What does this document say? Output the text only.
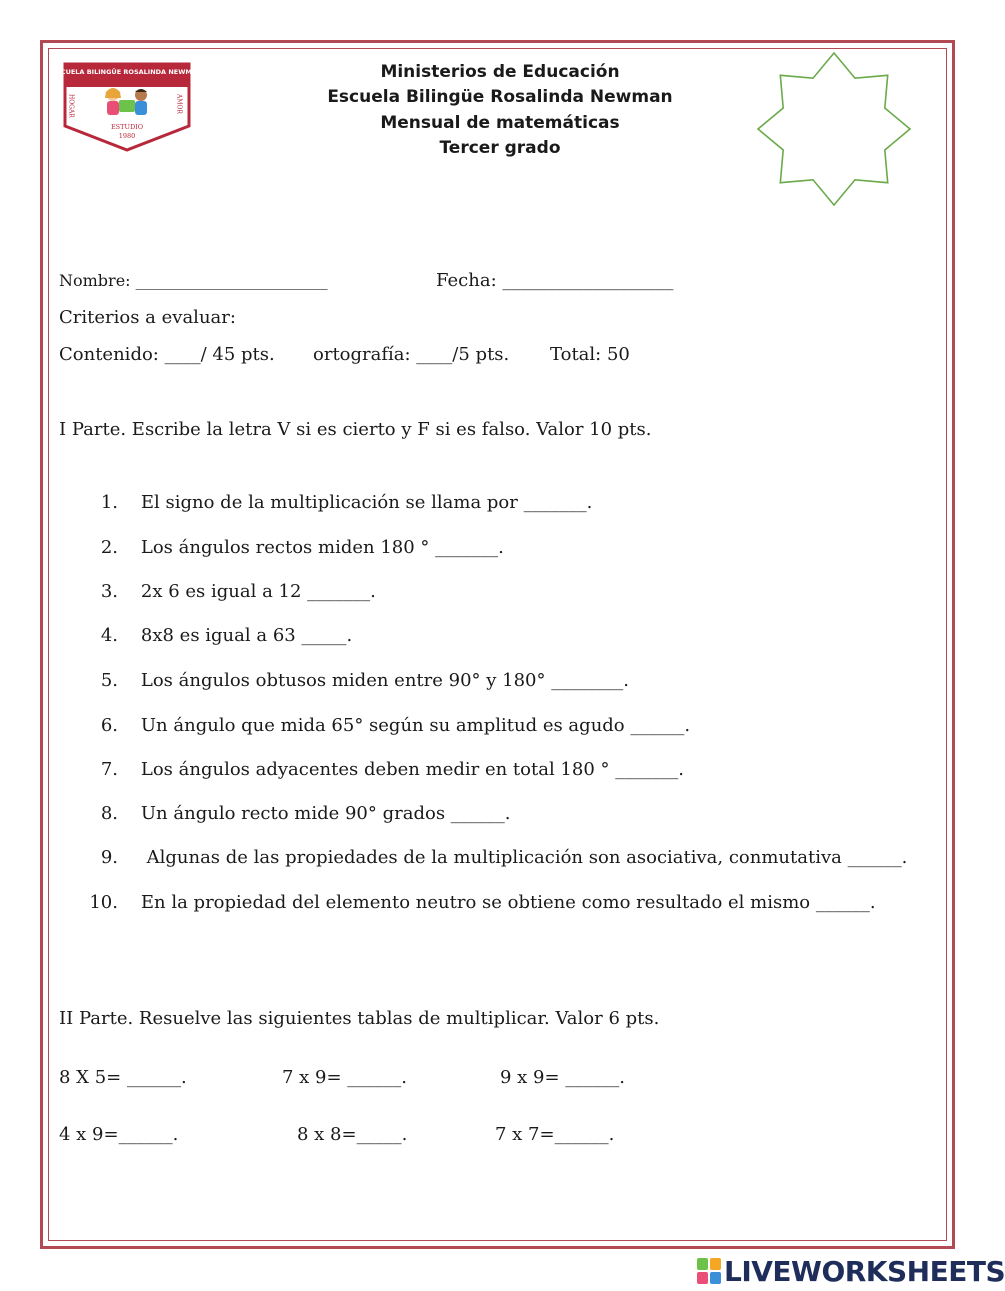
ESCUELA BILINGÜE ROSALINDA NEWMAN
HOGAR	AMOR
ESTUDIO
1980
Ministerios de Educación
Escuela Bilingüe Rosalinda Newman
Mensual de matemáticas
Tercer grado
Nombre: ________________________	Fecha: ___________________
Criterios a evaluar:
Contenido: ____/ 45 pts. ortografía: ____/5 pts. Total: 50
I Parte. Escribe la letra V si es cierto y F si es falso. Valor 10 pts.
1. El signo de la multiplicación se llama por _______.
2. Los ángulos rectos miden 180 ° _______.
3. 2x 6 es igual a 12 _______.
4. 8x8 es igual a 63 _____.
5. Los ángulos obtusos miden entre 90° y 180° ________.
6. Un ángulo que mida 65° según su amplitud es agudo ______.
7. Los ángulos adyacentes deben medir en total 180 ° _______.
8. Un ángulo recto mide 90° grados ______.
9.     Algunas de las propiedades de la multiplicación son asociativa, conmutativa ______.
10.    En la propiedad del elemento neutro se obtiene como resultado el mismo ______.
II Parte. Resuelve las siguientes tablas de multiplicar. Valor 6 pts.
8 X 5= ______.	7 x 9= ______.	9 x 9= ______.
4 x 9=______.	8 x 8=_____.	7 x 7=______.
LIVEWORKSHEETS
